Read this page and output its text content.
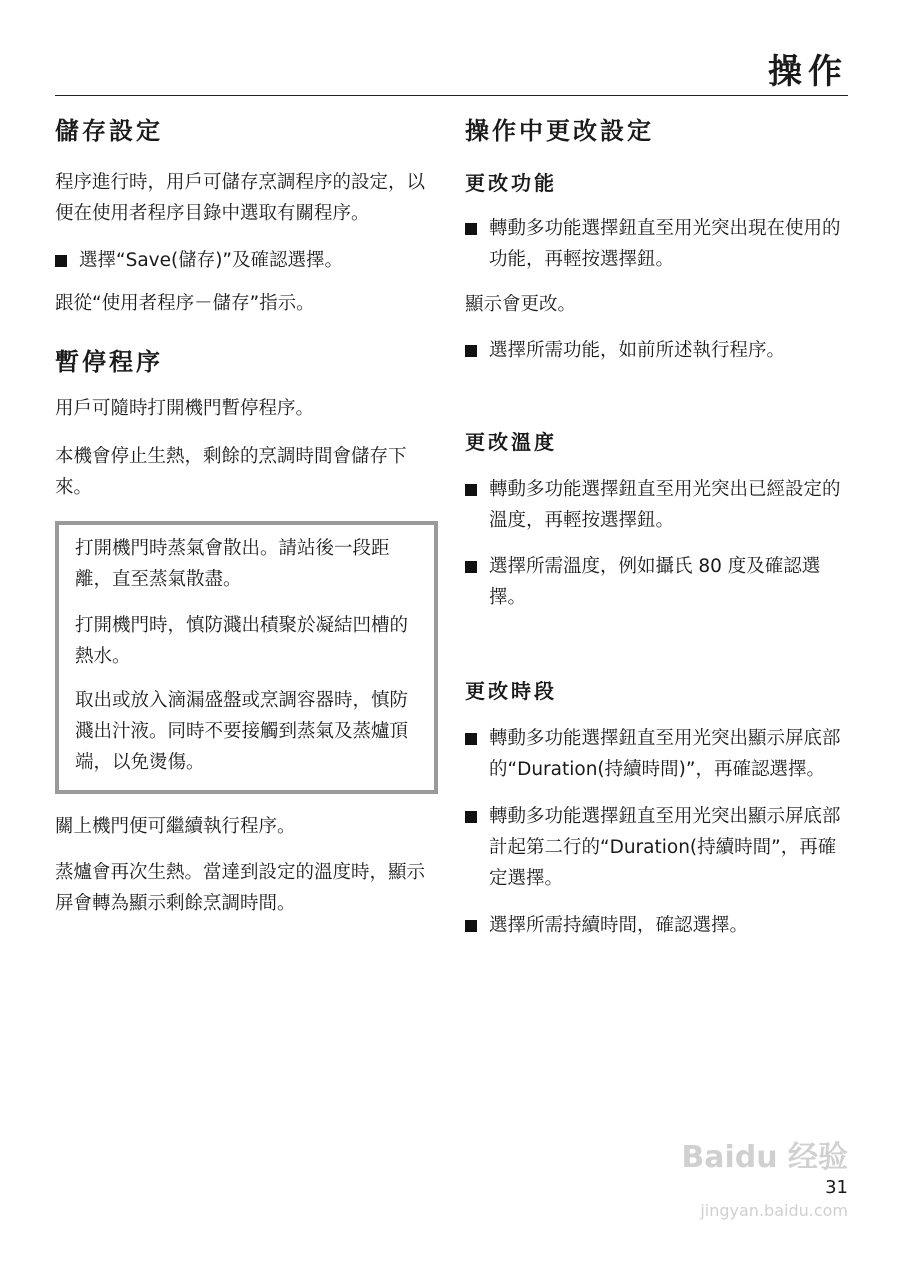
操作
儲存設定
程序進行時，用戶可儲存烹調程序的設定，以便在使用者程序目錄中選取有關程序。
選擇“Save(儲存)”及確認選擇。
跟從“使用者程序－儲存”指示。
暫停程序
用戶可隨時打開機門暫停程序。
本機會停止生熱，剩餘的烹調時間會儲存下來。
打開機門時蒸氣會散出。請站後一段距離，直至蒸氣散盡。
打開機門時，慎防濺出積聚於凝結凹槽的熱水。
取出或放入滴漏盛盤或烹調容器時，慎防濺出汁液。同時不要接觸到蒸氣及蒸爐頂端，以免燙傷。
關上機門便可繼續執行程序。
蒸爐會再次生熱。當達到設定的溫度時，顯示屏會轉為顯示剩餘烹調時間。
操作中更改設定
更改功能
轉動多功能選擇鈕直至用光突出現在使用的功能，再輕按選擇鈕。
顯示會更改。
選擇所需功能，如前所述執行程序。
更改溫度
轉動多功能選擇鈕直至用光突出已經設定的溫度，再輕按選擇鈕。
選擇所需溫度，例如攝氏 80 度及確認選擇。
更改時段
轉動多功能選擇鈕直至用光突出顯示屏底部的“Duration(持續時間)”，再確認選擇。
轉動多功能選擇鈕直至用光突出顯示屏底部計起第二行的“Duration(持續時間”，再確定選擇。
選擇所需持續時間，確認選擇。
Baidu 经验
31
jingyan.baidu.com
